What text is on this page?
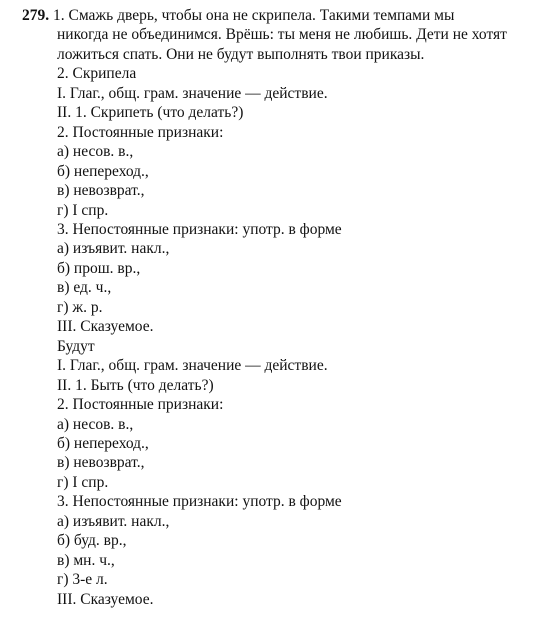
279. 1. Смажь дверь, чтобы она не скрипела. Такими темпами мы
никогда не объединимся. Врёшь: ты меня не любишь. Дети не хотят ложиться спать. Они не будут выполнять твои приказы.

2. Скрипела
I. Глаг., общ. грам. значение — действие.
II. 1. Скрипеть (что делать?)
2. Постоянные признаки:
а) несов. в.,
б) непереход.,
в) невозврат.,
г) I спр.
3. Непостоянные признаки: употр. в форме
а) изъявит. накл.,
б) прош. вр.,
в) ед. ч.,
г) ж. р.
III. Сказуемое.
Будут
I. Глаг., общ. грам. значение — действие.
II. 1. Быть (что делать?)
2. Постоянные признаки:
а) несов. в.,
б) непереход.,
в) невозврат.,
г) I спр.
3. Непостоянные признаки: употр. в форме
а) изъявит. накл.,
б) буд. вр.,
в) мн. ч.,
г) 3-е л.
III. Сказуемое.
